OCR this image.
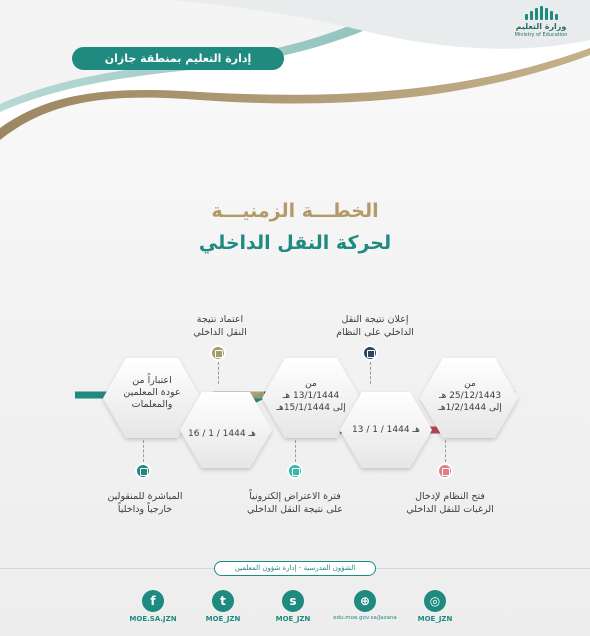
وزارة التعليم
Ministry of Education
إدارة التعليم بمنطقة جازان
الخطـــة الزمنيـــة
لحركة النقل الداخلي
من
25/12/1443 هـ
إلى 1/2/1444هـ
من
13/1/1444 هـ
إلى 15/1/1444هـ
اعتباراً من
عودة المعلمين
والمعلمات
13 / 1 / 1444 هـ
16 / 1 / 1444 هـ
إعلان نتيجة النقل
الداخلي على النظام
اعتماد نتيجة
النقل الداخلي
فتح النظام لإدخال
الرغبات للنقل الداخلي
فترة الاعتراض إلكترونياً
على نتيجة النقل الداخلي
المباشرة للمنقولين
خارجياً وداخلياً
الشؤون المدرسية - إدارة شؤون المعلمين
f
MOE.SA.JZN
t
MOE_JZN
s
MOE_JZN
⊕
edu.moe.gov.sa/Jazana
◎
MOE_JZN
